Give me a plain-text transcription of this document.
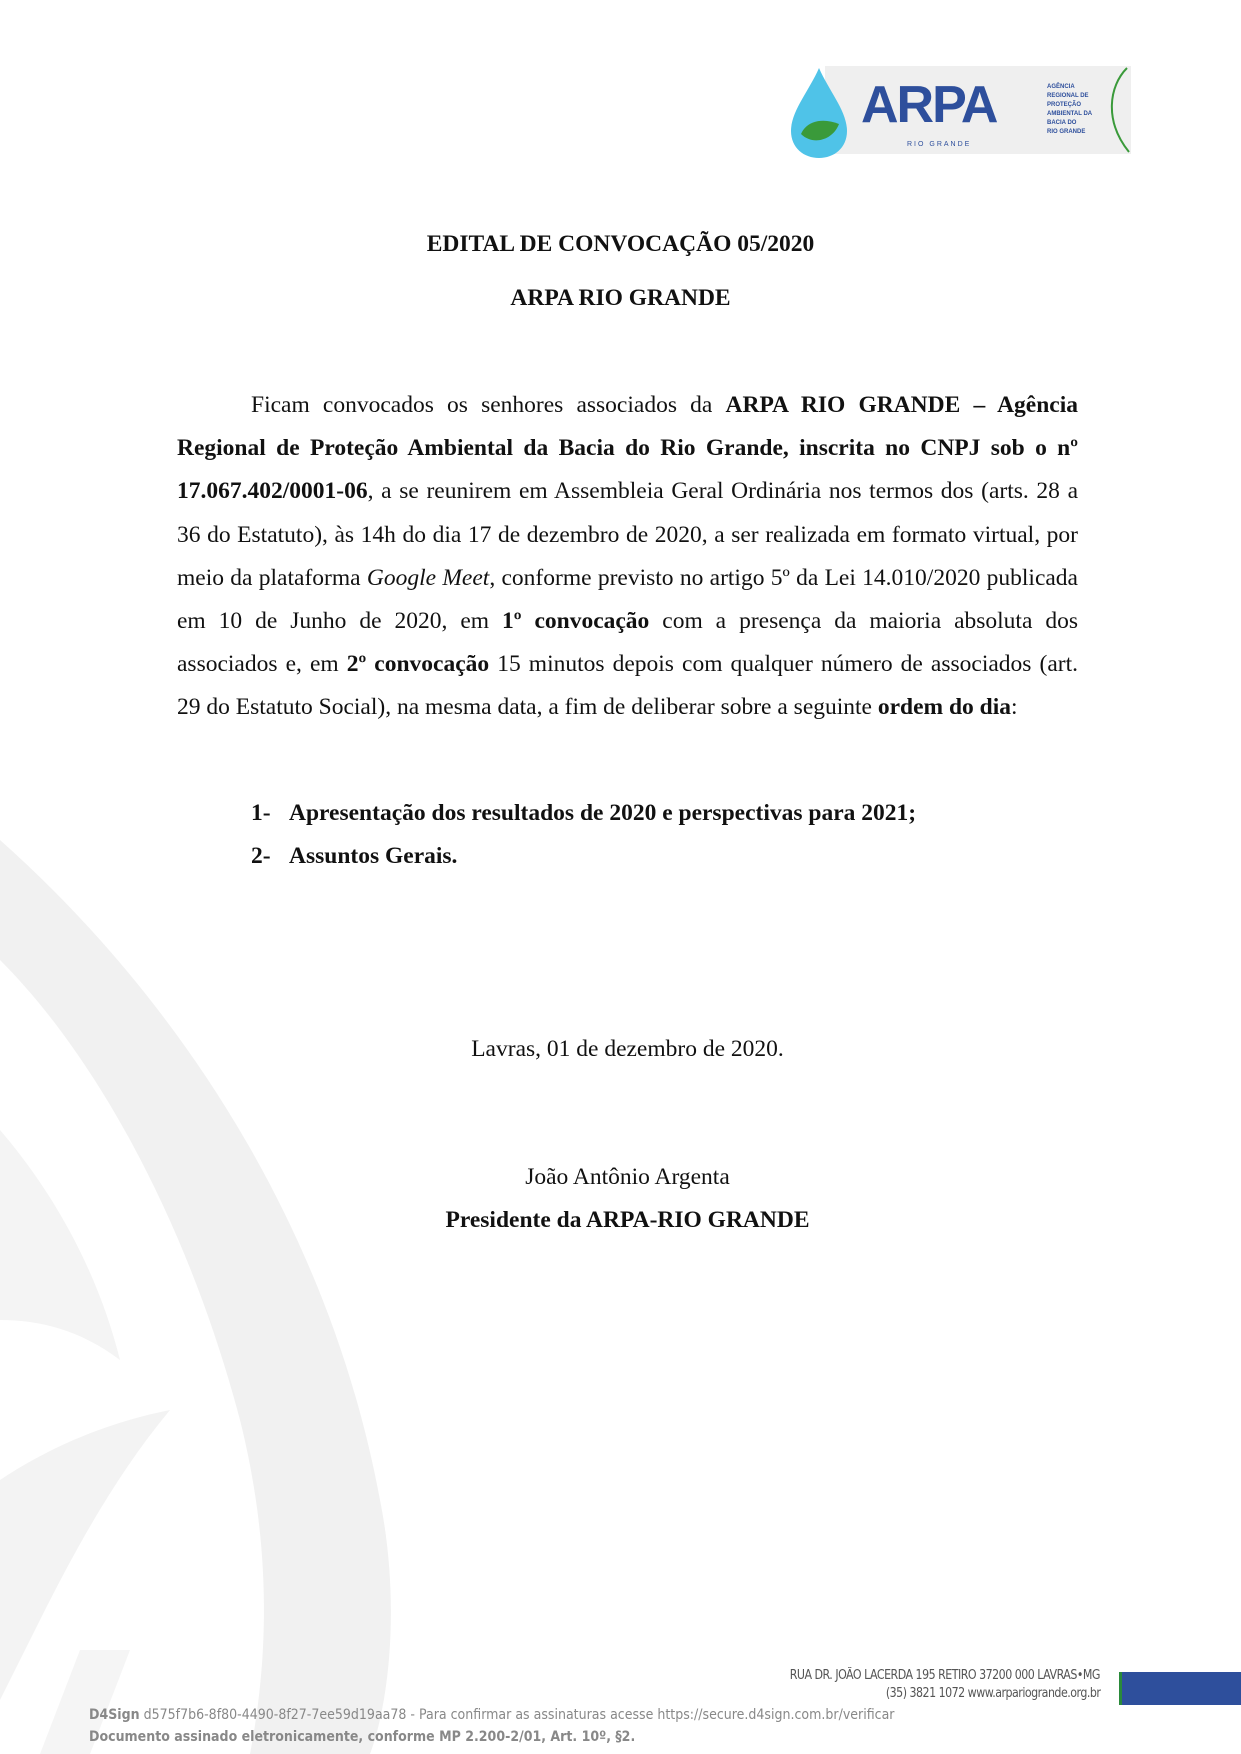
ARPA
RIO GRANDE
AGÊNCIA
REGIONAL DE
PROTEÇÃO
AMBIENTAL DA
BACIA DO
RIO GRANDE
EDITAL DE CONVOCAÇÃO 05/2020
ARPA RIO GRANDE
Ficam convocados os senhores associados da ARPA RIO GRANDE – Agência Regional de Proteção Ambiental da Bacia do Rio Grande, inscrita no CNPJ sob o nº 17.067.402/0001-06, a se reunirem em Assembleia Geral Ordinária nos termos dos (arts. 28 a 36 do Estatuto), às 14h do dia 17 de dezembro de 2020, a ser realizada em formato virtual, por meio da plataforma Google Meet, conforme previsto no artigo 5º da Lei 14.010/2020 publicada em 10 de Junho de 2020, em 1º convocação com a presença da maioria absoluta dos associados e, em 2º convocação 15 minutos depois com qualquer número de associados (art. 29 do Estatuto Social), na mesma data, a fim de deliberar sobre a seguinte ordem do dia:
1- Apresentação dos resultados de 2020 e perspectivas para 2021;
2- Assuntos Gerais.
Lavras, 01 de dezembro de 2020.
João Antônio Argenta
Presidente da ARPA-RIO GRANDE
RUA DR. JOÃO LACERDA 195 RETIRO 37200 000 LAVRAS•MG
(35) 3821 1072 www.arpariogrande.org.br
D4Sign d575f7b6-8f80-4490-8f27-7ee59d19aa78 - Para confirmar as assinaturas acesse https://secure.d4sign.com.br/verificar
Documento assinado eletronicamente, conforme MP 2.200-2/01, Art. 10º, §2.
